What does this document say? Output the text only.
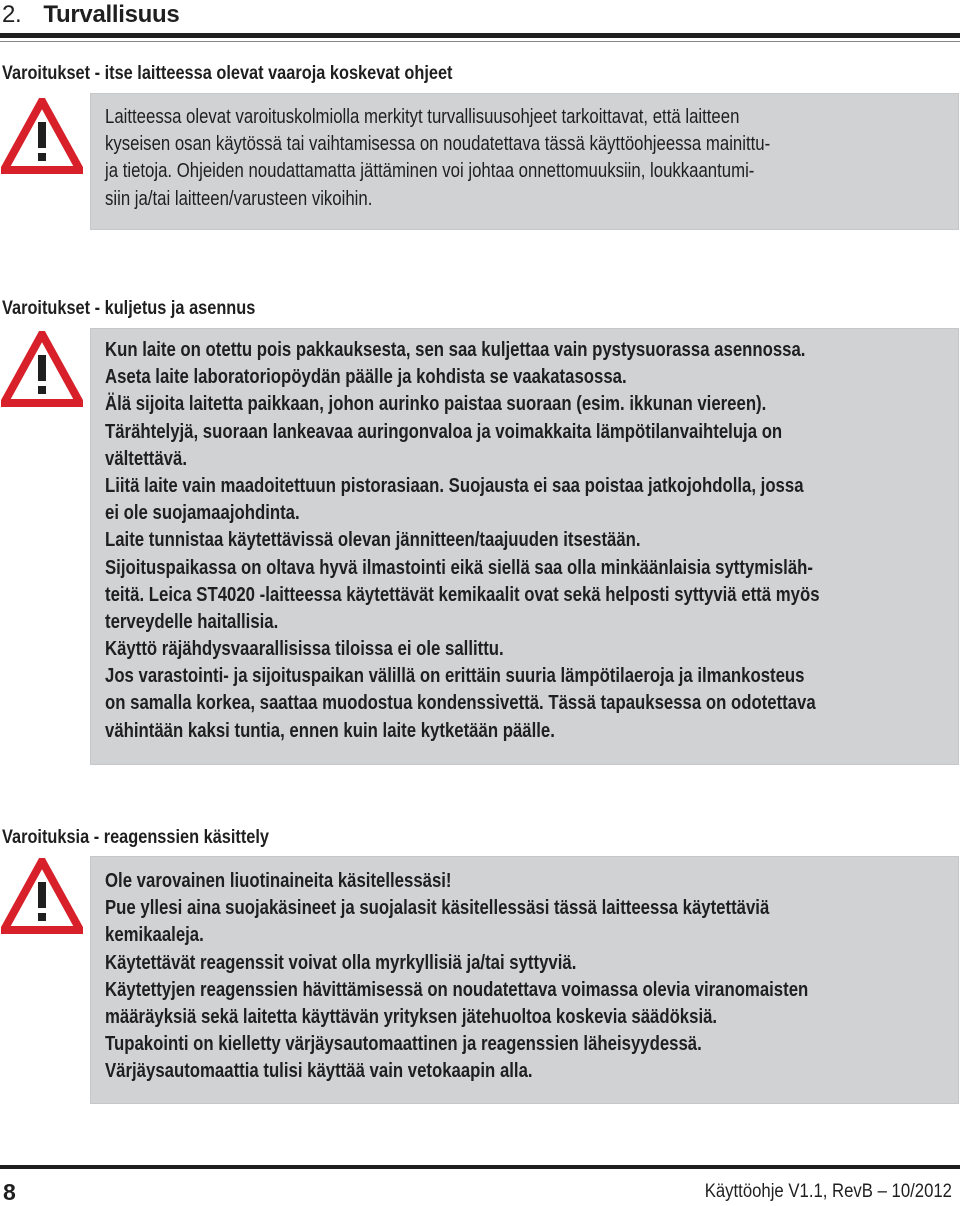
2. Turvallisuus
Varoitukset - itse laitteessa olevat vaaroja koskevat ohjeet
Laitteessa olevat varoituskolmiolla merkityt turvallisuusohjeet tarkoittavat, että laitteen
kyseisen osan käytössä tai vaihtamisessa on noudatettava tässä käyttöohjeessa mainittu-
ja tietoja. Ohjeiden noudattamatta jättäminen voi johtaa onnettomuuksiin, loukkaantumi-
siin ja/tai laitteen/varusteen vikoihin.
Varoitukset - kuljetus ja asennus
Kun laite on otettu pois pakkauksesta, sen saa kuljettaa vain pystysuorassa asennossa.
Aseta laite laboratoriopöydän päälle ja kohdista se vaakatasossa.
Älä sijoita laitetta paikkaan, johon aurinko paistaa suoraan (esim. ikkunan viereen).
Tärähtelyjä, suoraan lankeavaa auringonvaloa ja voimakkaita lämpötilanvaihteluja on
vältettävä.
Liitä laite vain maadoitettuun pistorasiaan. Suojausta ei saa poistaa jatkojohdolla, jossa
ei ole suojamaajohdinta.
Laite tunnistaa käytettävissä olevan jännitteen/taajuuden itsestään.
Sijoituspaikassa on oltava hyvä ilmastointi eikä siellä saa olla minkäänlaisia syttymisläh-
teitä. Leica ST4020 -laitteessa käytettävät kemikaalit ovat sekä helposti syttyviä että myös
terveydelle haitallisia.
Käyttö räjähdysvaarallisissa tiloissa ei ole sallittu.
Jos varastointi- ja sijoituspaikan välillä on erittäin suuria lämpötilaeroja ja ilmankosteus
on samalla korkea, saattaa muodostua kondenssivettä. Tässä tapauksessa on odotettava
vähintään kaksi tuntia, ennen kuin laite kytketään päälle.
Varoituksia - reagenssien käsittely
Ole varovainen liuotinaineita käsitellessäsi!
Pue yllesi aina suojakäsineet ja suojalasit käsitellessäsi tässä laitteessa käytettäviä
kemikaaleja.
Käytettävät reagenssit voivat olla myrkyllisiä ja/tai syttyviä.
Käytettyjen reagenssien hävittämisessä on noudatettava voimassa olevia viranomaisten
määräyksiä sekä laitetta käyttävän yrityksen jätehuoltoa koskevia säädöksiä.
Tupakointi on kielletty värjäysautomaattinen ja reagenssien läheisyydessä.
Värjäysautomaattia tulisi käyttää vain vetokaapin alla.
8	Käyttöohje V1.1, RevB – 10/2012
